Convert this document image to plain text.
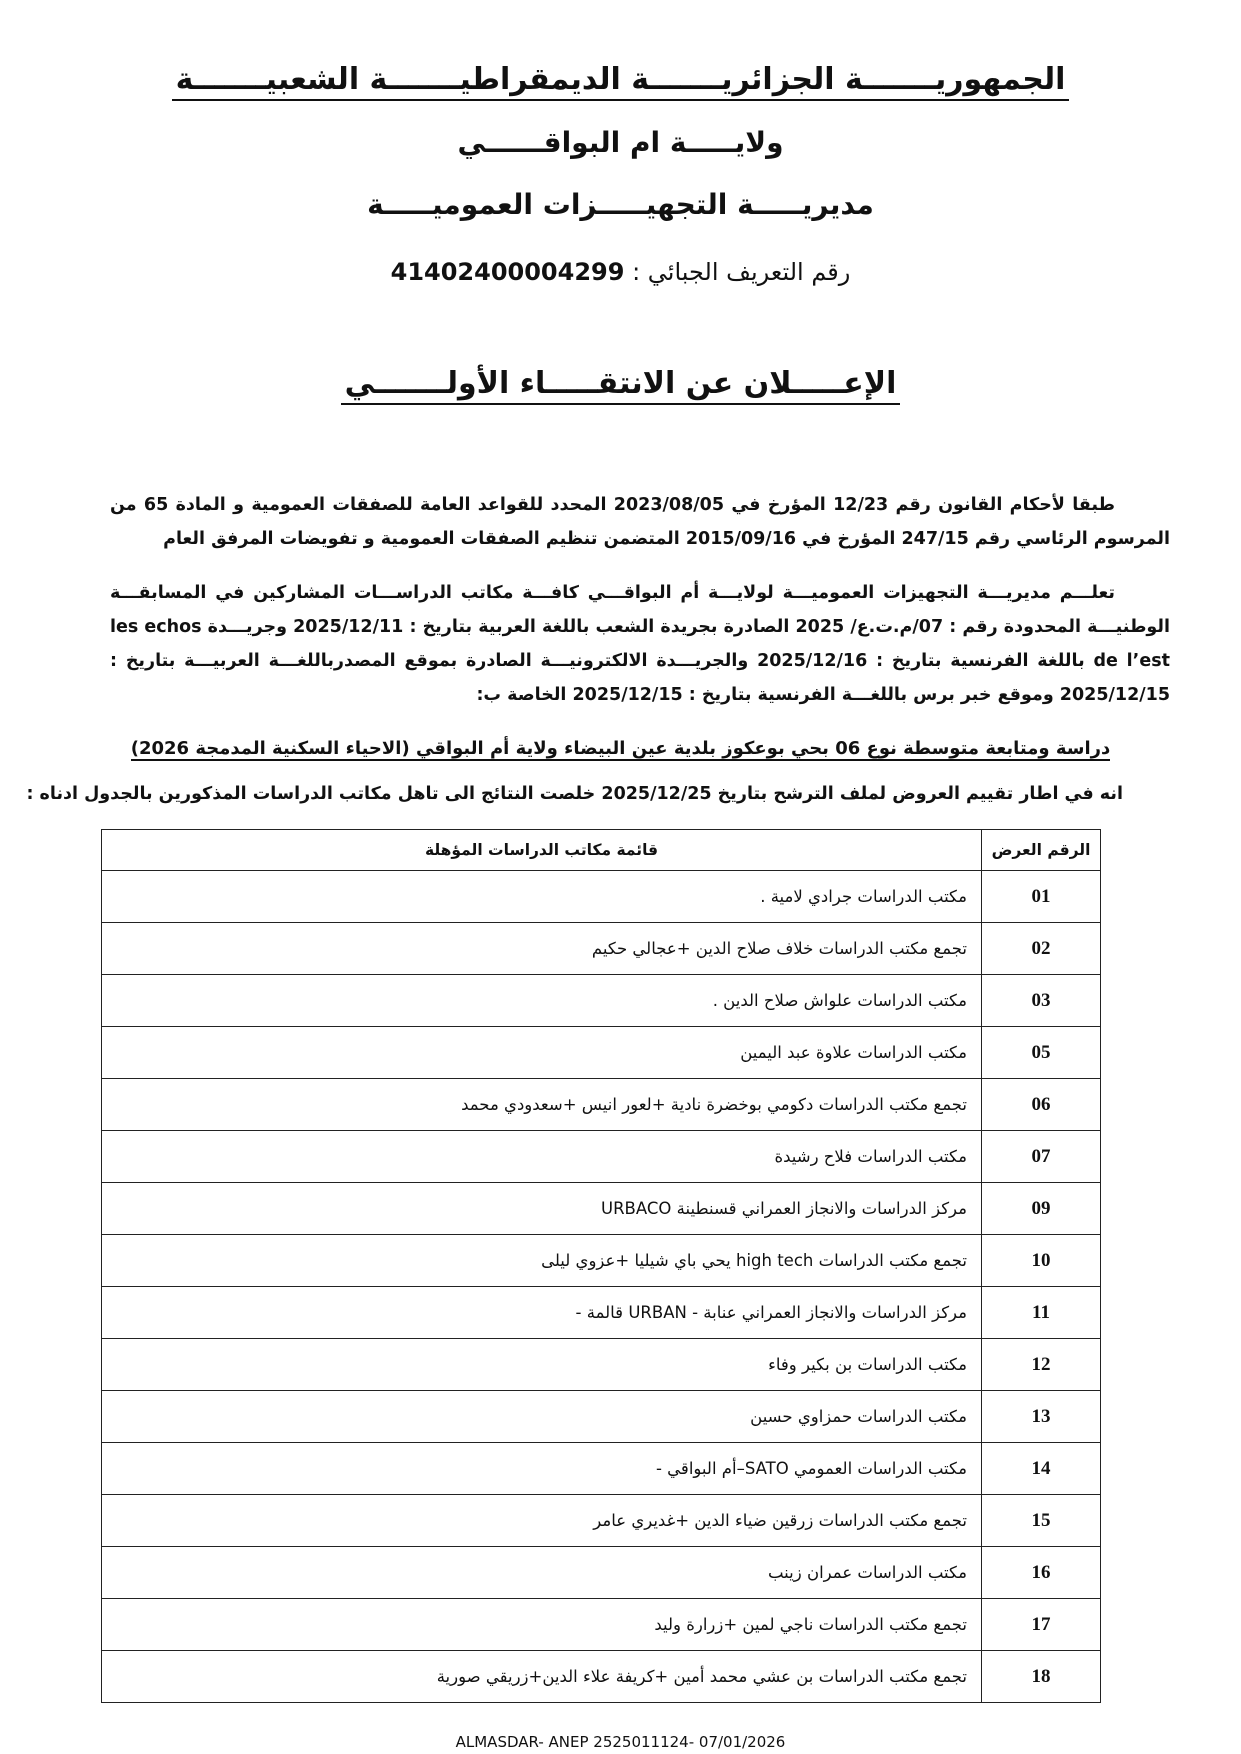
الجمهوريـــــــة الجزائريـــــــة الديمقراطيـــــــة الشعبيـــــــة
ولايـــــة ام البواقــــــي
مديريـــــة التجهيـــــزات العموميـــــة
رقم التعريف الجبائي : 41402400004299
الإعـــــلان عن الانتقـــــاء الأولـــــــي
طبقا لأحكام القانون رقم 12/23 المؤرخ في 2023/08/05 المحدد للقواعد العامة للصفقات العمومية و المادة 65 من المرسوم الرئاسي رقم 247/15 المؤرخ في 2015/09/16 المتضمن تنظيم الصفقات العمومية و تفويضات المرفق العام
تعلـــم مديريـــة التجهيزات العموميـــة لولايـــة أم البواقـــي كافـــة مكاتب الدراســـات المشاركين في المسابقـــة الوطنيـــة المحدودة رقم : 07/م.ت.ع/ 2025 الصادرة بجريدة الشعب باللغة العربية بتاريخ : 2025/12/11 وجريـــدة les echos de l’est باللغة الفرنسية بتاريخ : 2025/12/16 والجريـــدة الالكترونيـــة الصادرة بموقع المصدرباللغـــة العربيـــة بتاريخ : 2025/12/15 وموقع خبر برس باللغـــة الفرنسية بتاريخ : 2025/12/15 الخاصة ب:
دراسة ومتابعة متوسطة نوع 06 بحي بوعكوز بلدية عين البيضاء ولاية أم البواقي (الاحياء السكنية المدمجة 2026)
انه في اطار تقييم العروض لملف الترشح بتاريخ 2025/12/25 خلصت النتائج الى تاهل مكاتب الدراسات المذكورين بالجدول ادناه :
الرقم العرض	قائمة مكاتب الدراسات المؤهلة
01	مكتب الدراسات جرادي لامية .
02	تجمع مكتب الدراسات خلاف صلاح الدين +عجالي حكيم
03	مكتب الدراسات علواش صلاح الدين .
05	مكتب الدراسات علاوة عبد اليمين
06	تجمع مكتب الدراسات دكومي بوخضرة نادية +لعور انيس +سعدودي محمد
07	مكتب الدراسات فلاح رشيدة
09	مركز الدراسات والانجاز العمراني قسنطينة URBACO
10	تجمع مكتب الدراسات high tech يحي باي شيليا +عزوي ليلى
11	مركز الدراسات والانجاز العمراني عنابة - URBAN قالمة -
12	مكتب الدراسات بن بكير وفاء
13	مكتب الدراسات حمزاوي حسين
14	مكتب الدراسات العمومي SATO–أم البواقي -
15	تجمع مكتب الدراسات زرقين ضياء الدين +غديري عامر
16	مكتب الدراسات عمران زينب
17	تجمع مكتب الدراسات ناجي لمين +زرارة وليد
18	تجمع مكتب الدراسات بن عشي محمد أمين +كريفة علاء الدين+زريقي صورية
ALMASDAR- ANEP 2525011124- 07/01/2026
